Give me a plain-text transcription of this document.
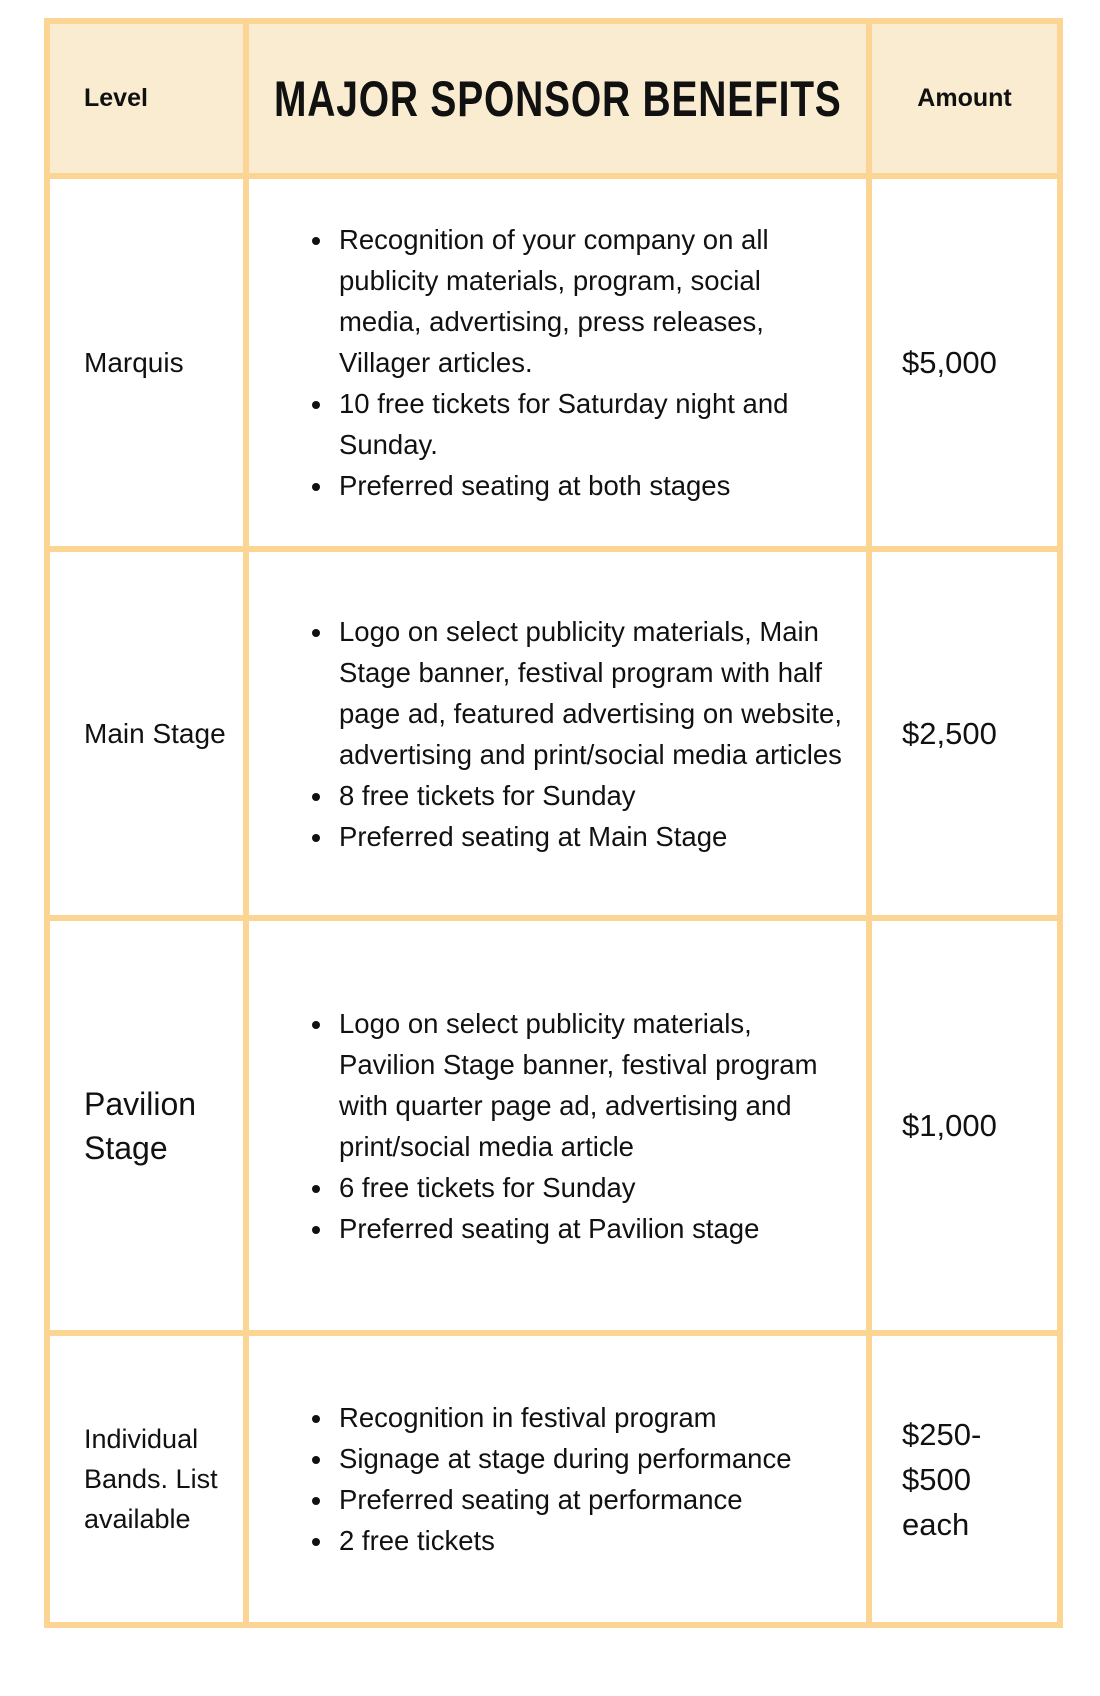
Level	MAJOR SPONSOR BENEFITS	Amount
Marquis
• Recognition of your company on all publicity materials, program, social media, advertising, press releases, Villager articles.
• 10 free tickets for Saturday night and Sunday.
• Preferred seating at both stages
$5,000
Main Stage
• Logo on select publicity materials, Main Stage banner, festival program with half page ad, featured advertising on website, advertising and print/social media articles
• 8 free tickets for Sunday
• Preferred seating at Main Stage
$2,500
Pavilion Stage
• Logo on select publicity materials, Pavilion Stage banner, festival program with quarter page ad, advertising and print/social media article
• 6 free tickets for Sunday
• Preferred seating at Pavilion stage
$1,000
Individual Bands. List available
• Recognition in festival program
• Signage at stage during performance
• Preferred seating at performance
• 2 free tickets
$250- $500 each
